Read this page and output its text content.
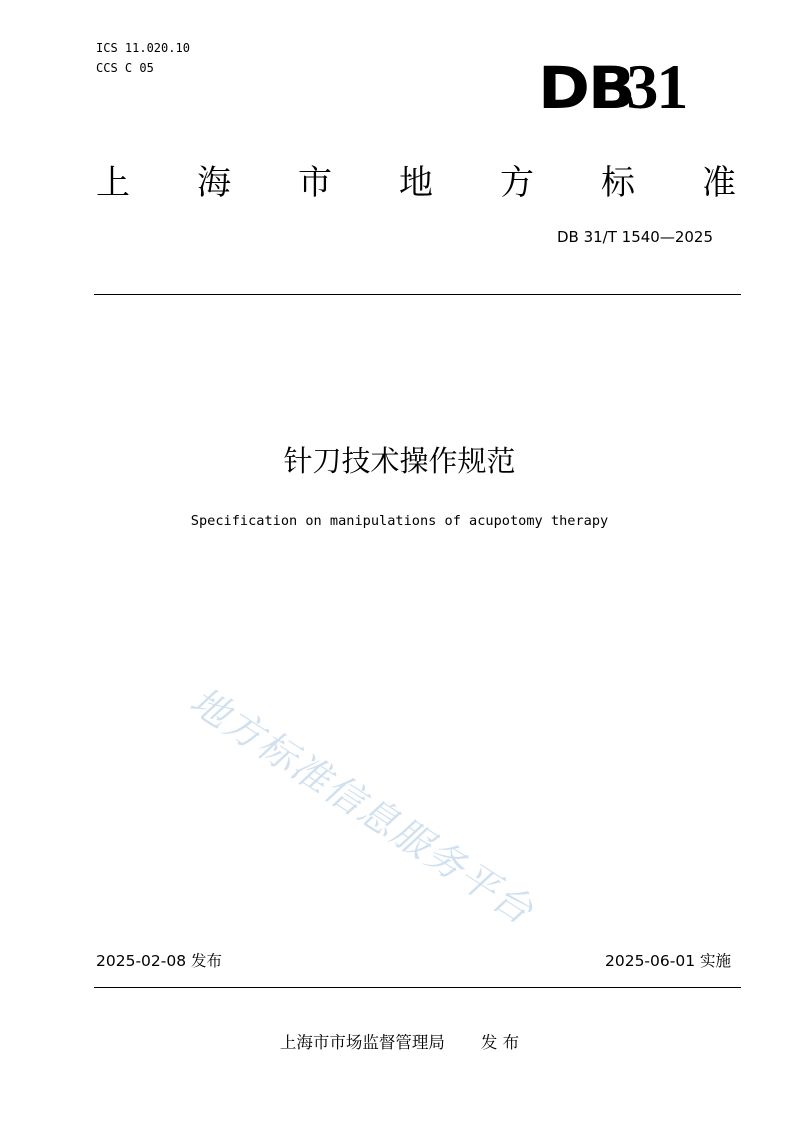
ICS 11.020.10
CCS C 05	DB31
上 海 市 地 方 标 准
DB 31/T 1540—2025
针刀技术操作规范
Specification on manipulations of acupotomy therapy
地方标准信息服务平台
2025-02-08 发布	2025-06-01 实施
上海市市场监督管理局 发 布
